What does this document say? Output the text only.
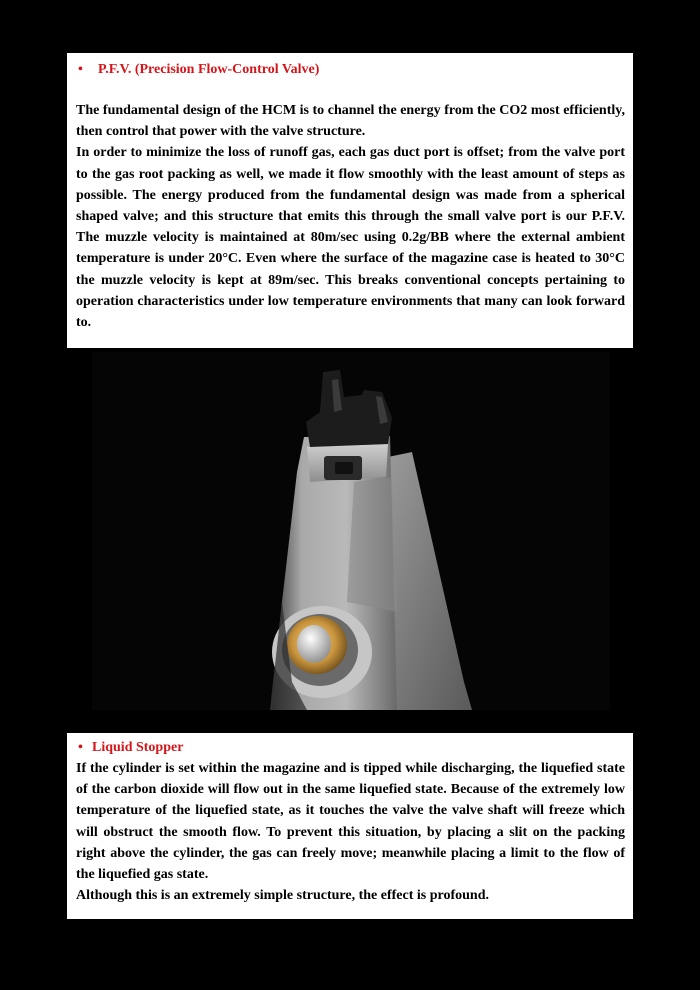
• P.F.V. (Precision Flow-Control Valve)

The fundamental design of the HCM is to channel the energy from the CO2 most efficiently, then control that power with the valve structure.

In order to minimize the loss of runoff gas, each gas duct port is offset; from the valve port to the gas root packing as well, we made it flow smoothly with the least amount of steps as possible. The energy produced from the fundamental design was made from a spherical shaped valve; and this structure that emits this through the small valve port is our P.F.V. The muzzle velocity is maintained at 80m/sec using 0.2g/BB where the external ambient temperature is under 20°C. Even where the surface of the magazine case is heated to 30°C the muzzle velocity is kept at 89m/sec. This breaks conventional concepts pertaining to operation characteristics under low temperature environments that many can look forward to.

• Liquid Stopper

If the cylinder is set within the magazine and is tipped while discharging, the liquefied state of the carbon dioxide will flow out in the same liquefied state. Because of the extremely low temperature of the liquefied state, as it touches the valve the valve shaft will freeze which will obstruct the smooth flow. To prevent this situation, by placing a slit on the packing right above the cylinder, the gas can freely move; meanwhile placing a limit to the flow of the liquefied gas state.

Although this is an extremely simple structure, the effect is profound.
